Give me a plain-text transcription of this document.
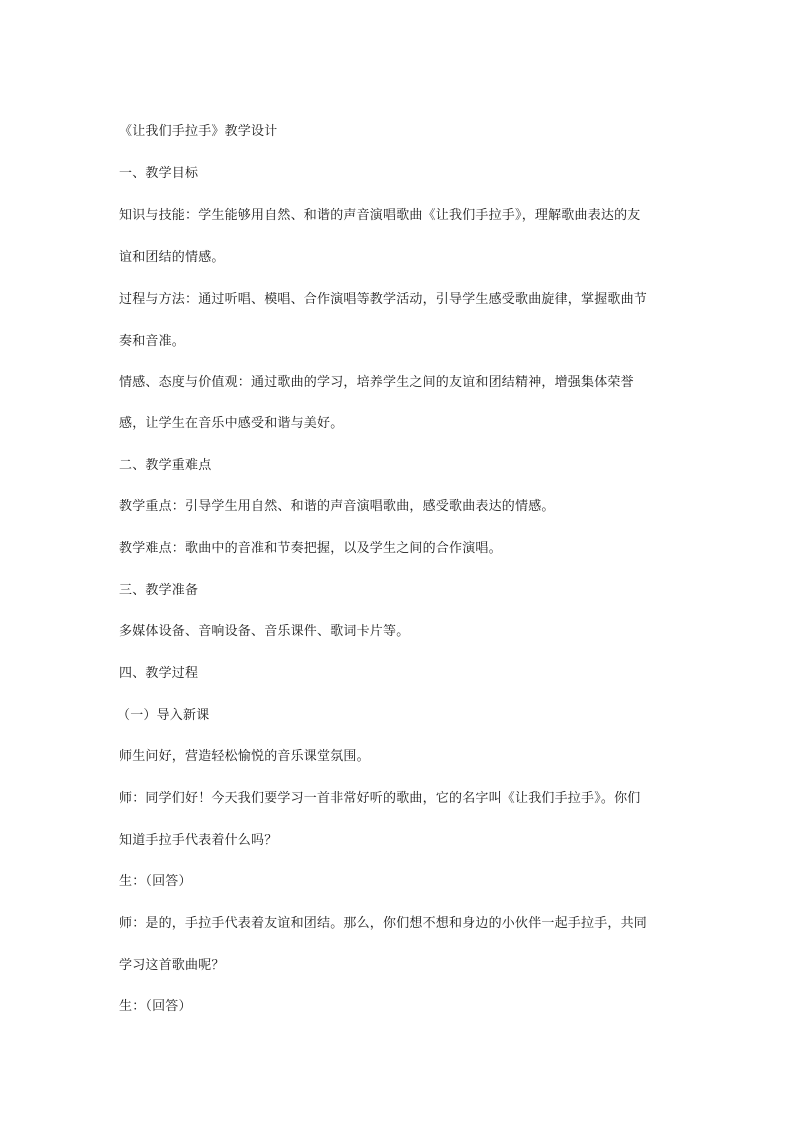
《让我们手拉手》教学设计
一、教学目标
知识与技能：学生能够用自然、和谐的声音演唱歌曲《让我们手拉手》，理解歌曲表达的友
谊和团结的情感。
过程与方法：通过听唱、模唱、合作演唱等教学活动，引导学生感受歌曲旋律，掌握歌曲节
奏和音准。
情感、态度与价值观：通过歌曲的学习，培养学生之间的友谊和团结精神，增强集体荣誉
感，让学生在音乐中感受和谐与美好。
二、教学重难点
教学重点：引导学生用自然、和谐的声音演唱歌曲，感受歌曲表达的情感。
教学难点：歌曲中的音准和节奏把握，以及学生之间的合作演唱。
三、教学准备
多媒体设备、音响设备、音乐课件、歌词卡片等。
四、教学过程
（一）导入新课
师生问好，营造轻松愉悦的音乐课堂氛围。
师：同学们好！今天我们要学习一首非常好听的歌曲，它的名字叫《让我们手拉手》。你们
知道手拉手代表着什么吗？
生：（回答）
师：是的，手拉手代表着友谊和团结。那么，你们想不想和身边的小伙伴一起手拉手，共同
学习这首歌曲呢？
生：（回答）
